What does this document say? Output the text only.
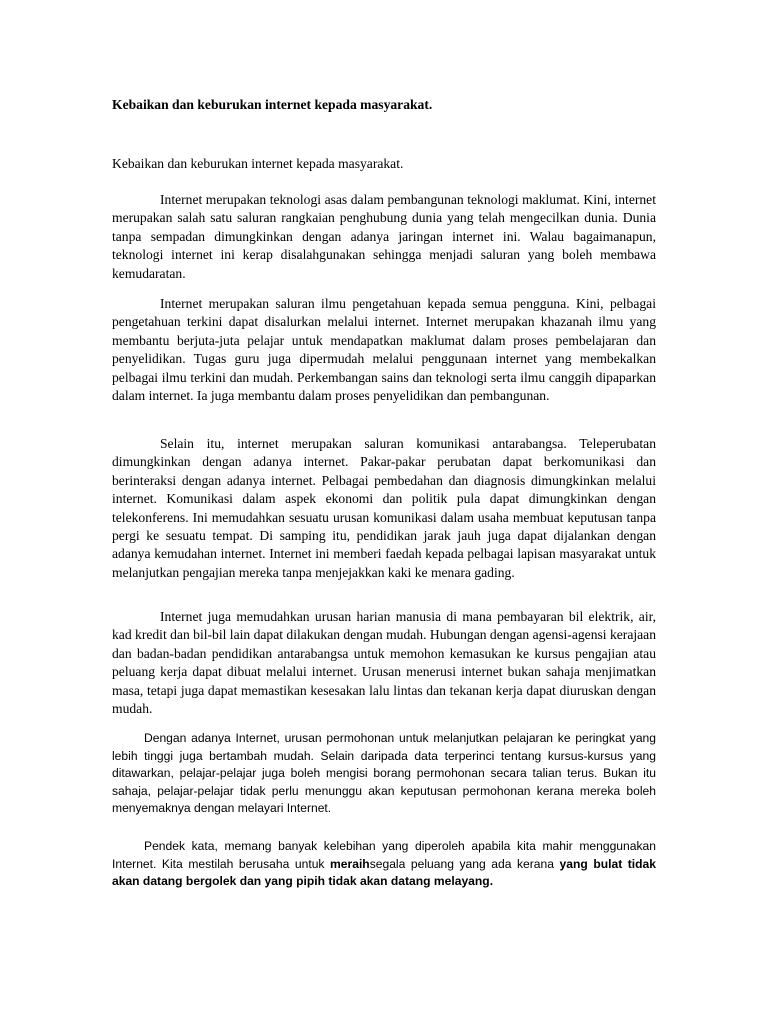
Kebaikan dan keburukan internet kepada masyarakat.

Kebaikan dan keburukan internet kepada masyarakat.

Internet merupakan teknologi asas dalam pembangunan teknologi maklumat. Kini, internet merupakan salah satu saluran rangkaian penghubung dunia yang telah mengecilkan dunia. Dunia tanpa sempadan dimungkinkan dengan adanya jaringan internet ini. Walau bagaimanapun, teknologi internet ini kerap disalahgunakan sehingga menjadi saluran yang boleh membawa kemudaratan.

Internet merupakan saluran ilmu pengetahuan kepada semua pengguna. Kini, pelbagai pengetahuan terkini dapat disalurkan melalui internet. Internet merupakan khazanah ilmu yang membantu berjuta-juta pelajar untuk mendapatkan maklumat dalam proses pembelajaran dan penyelidikan. Tugas guru juga dipermudah melalui penggunaan internet yang membekalkan pelbagai ilmu terkini dan mudah. Perkembangan sains dan teknologi serta ilmu canggih dipaparkan dalam internet. Ia juga membantu dalam proses penyelidikan dan pembangunan.

Selain itu, internet merupakan saluran komunikasi antarabangsa. Teleperubatan dimungkinkan dengan adanya internet. Pakar-pakar perubatan dapat berkomunikasi dan berinteraksi dengan adanya internet. Pelbagai pembedahan dan diagnosis dimungkinkan melalui internet. Komunikasi dalam aspek ekonomi dan politik pula dapat dimungkinkan dengan telekonferens. Ini memudahkan sesuatu urusan komunikasi dalam usaha membuat keputusan tanpa pergi ke sesuatu tempat. Di samping itu, pendidikan jarak jauh juga dapat dijalankan dengan adanya kemudahan internet. Internet ini memberi faedah kepada pelbagai lapisan masyarakat untuk melanjutkan pengajian mereka tanpa menjejakkan kaki ke menara gading.

Internet juga memudahkan urusan harian manusia di mana pembayaran bil elektrik, air, kad kredit dan bil-bil lain dapat dilakukan dengan mudah. Hubungan dengan agensi-agensi kerajaan dan badan-badan pendidikan antarabangsa untuk memohon kemasukan ke kursus pengajian atau peluang kerja dapat dibuat melalui internet. Urusan menerusi internet bukan sahaja menjimatkan masa, tetapi juga dapat memastikan kesesakan lalu lintas dan tekanan kerja dapat diuruskan dengan mudah.

Dengan adanya Internet, urusan permohonan untuk melanjutkan pelajaran ke peringkat yang lebih tinggi juga bertambah mudah. Selain daripada data terperinci tentang kursus-kursus yang ditawarkan, pelajar-pelajar juga boleh mengisi borang permohonan secara talian terus. Bukan itu sahaja, pelajar-pelajar tidak perlu menunggu akan keputusan permohonan kerana mereka boleh menyemaknya dengan melayari Internet.

Pendek kata, memang banyak kelebihan yang diperoleh apabila kita mahir menggunakan Internet. Kita mestilah berusaha untuk meraihsegala peluang yang ada kerana yang bulat tidak akan datang bergolek dan yang pipih tidak akan datang melayang.
